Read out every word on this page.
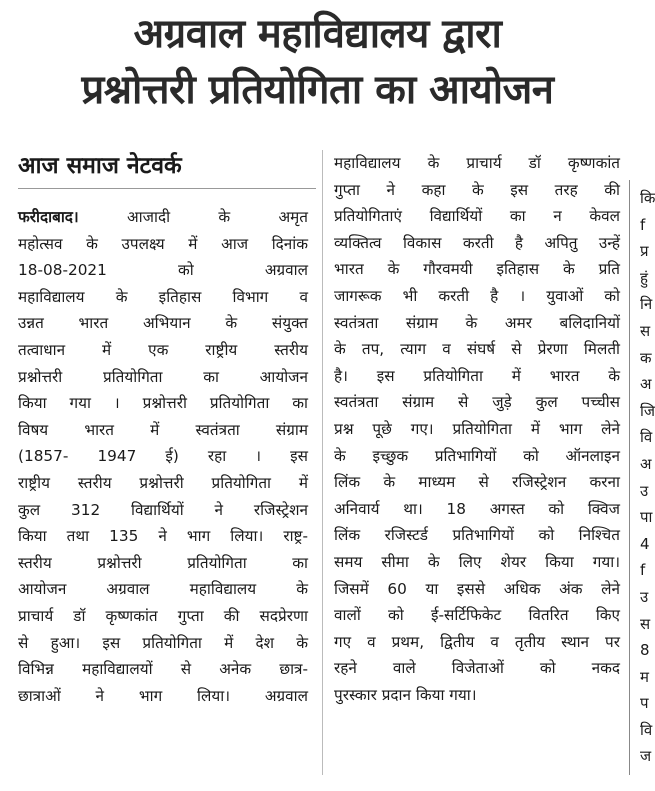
अग्रवाल महाविद्यालय द्वारा
प्रश्नोत्तरी प्रतियोगिता का आयोजन
आज समाज नेटवर्क
फरीदाबाद। आजादी के अमृत
महोत्सव के उपलक्ष्य में आज दिनांक
18-08-2021 को अग्रवाल
महाविद्यालय के इतिहास विभाग व
उन्नत भारत अभियान के संयुक्त
तत्वाधान में एक राष्ट्रीय स्तरीय
प्रश्नोत्तरी प्रतियोगिता का आयोजन
किया गया । प्रश्नोत्तरी प्रतियोगिता का
विषय भारत में स्वतंत्रता संग्राम
(1857- 1947 ई) रहा । इस
राष्ट्रीय स्तरीय प्रश्नोत्तरी प्रतियोगिता में
कुल 312 विद्यार्थियों ने रजिस्ट्रेशन
किया तथा 135 ने भाग लिया। राष्ट्र-
स्तरीय प्रश्नोत्तरी प्रतियोगिता का
आयोजन अग्रवाल महाविद्यालय के
प्राचार्य डॉ कृष्णकांत गुप्ता की सदप्रेरणा
से हुआ। इस प्रतियोगिता में देश के
विभिन्न महाविद्यालयों से अनेक छात्र-
छात्राओं ने भाग लिया। अग्रवाल
महाविद्यालय के प्राचार्य डॉ कृष्णकांत
गुप्ता ने कहा के इस तरह की
प्रतियोगिताएं विद्यार्थियों का न केवल
व्यक्तित्व विकास करती है अपितु उन्हें
भारत के गौरवमयी इतिहास के प्रति
जागरूक भी करती है । युवाओं को
स्वतंत्रता संग्राम के अमर बलिदानियों
के तप, त्याग व संघर्ष से प्रेरणा मिलती
है। इस प्रतियोगिता में भारत के
स्वतंत्रता संग्राम से जुड़े कुल पच्चीस
प्रश्न पूछे गए। प्रतियोगिता में भाग लेने
के इच्छुक प्रतिभागियों को ऑनलाइन
लिंक के माध्यम से रजिस्ट्रेशन करना
अनिवार्य था। 18 अगस्त को क्विज
लिंक रजिस्टर्ड प्रतिभागियों को निश्चित
समय सीमा के लिए शेयर किया गया।
जिसमें 60 या इससे अधिक अंक लेने
वालों को ई-सर्टिफिकेट वितरित किए
गए व प्रथम, द्वितीय व तृतीय स्थान पर
रहने वाले विजेताओं को नकद
पुरस्कार प्रदान किया गया।
कि
f
प्र
हुं
नि
स
क
अ
जि
वि
अ
उ
पा
4
f
उ
स
8
म
प
वि
ज
